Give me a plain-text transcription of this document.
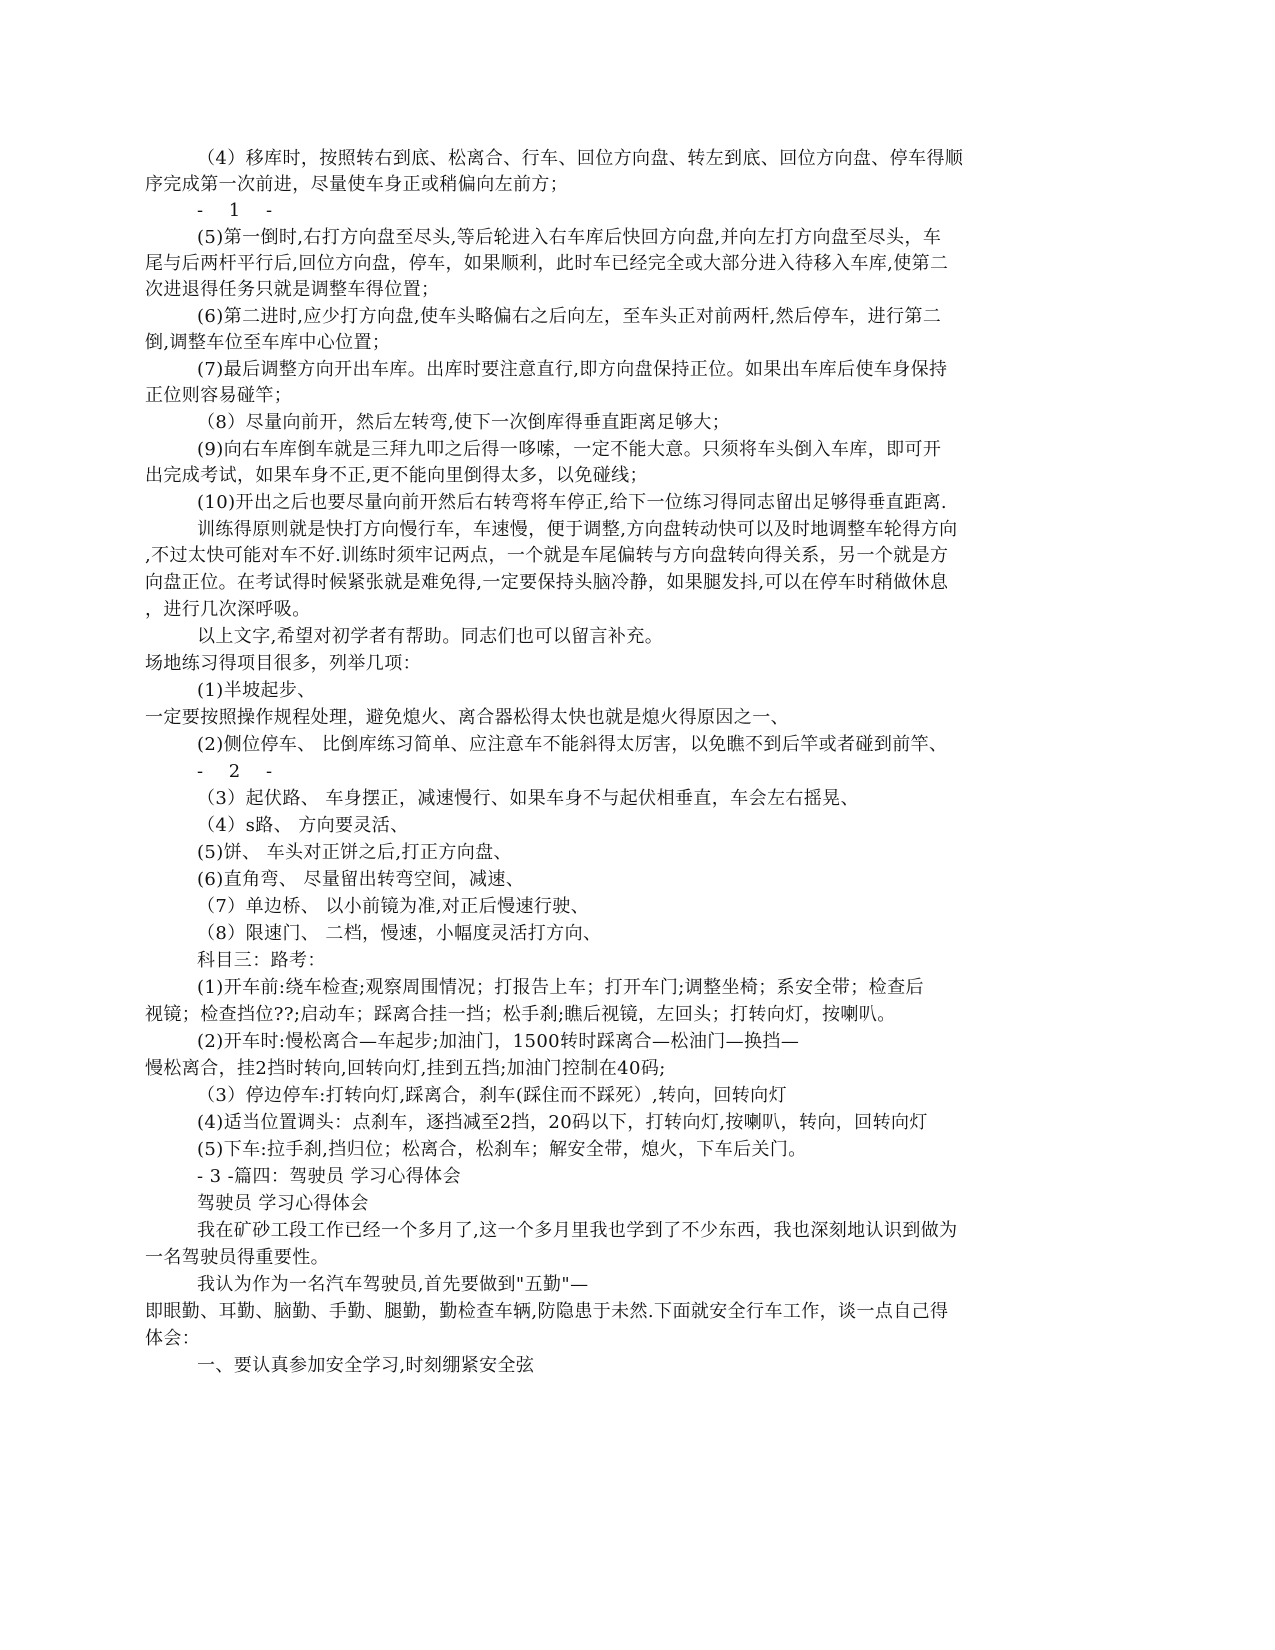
（4）移库时，按照转右到底、松离合、行车、回位方向盘、转左到底、回位方向盘、停车得顺
序完成第一次前进，尽量使车身正或稍偏向左前方；
- 1 -
(5)第一倒时,右打方向盘至尽头,等后轮进入右车库后快回方向盘,并向左打方向盘至尽头，车
尾与后两杆平行后,回位方向盘，停车，如果顺利，此时车已经完全或大部分进入待移入车库,使第二
次进退得任务只就是调整车得位置；
(6)第二进时,应少打方向盘,使车头略偏右之后向左，至车头正对前两杆,然后停车，进行第二
倒,调整车位至车库中心位置；
(7)最后调整方向开出车库。出库时要注意直行,即方向盘保持正位。如果出车库后使车身保持
正位则容易碰竿；
（8）尽量向前开，然后左转弯,使下一次倒库得垂直距离足够大；
(9)向右车库倒车就是三拜九叩之后得一哆嗦，一定不能大意。只须将车头倒入车库，即可开
出完成考试，如果车身不正,更不能向里倒得太多，以免碰线；
(10)开出之后也要尽量向前开然后右转弯将车停正,给下一位练习得同志留出足够得垂直距离.
训练得原则就是快打方向慢行车，车速慢，便于调整,方向盘转动快可以及时地调整车轮得方向
,不过太快可能对车不好.训练时须牢记两点，一个就是车尾偏转与方向盘转向得关系，另一个就是方
向盘正位。在考试得时候紧张就是难免得,一定要保持头脑冷静，如果腿发抖,可以在停车时稍做休息
，进行几次深呼吸。
以上文字,希望对初学者有帮助。同志们也可以留言补充。
场地练习得项目很多，列举几项：
(1)半坡起步、
一定要按照操作规程处理，避免熄火、离合器松得太快也就是熄火得原因之一、
(2)侧位停车、 比倒库练习简单、应注意车不能斜得太厉害，以免瞧不到后竿或者碰到前竿、
- 2 -
（3）起伏路、 车身摆正，减速慢行、如果车身不与起伏相垂直，车会左右摇晃、
（4）s路、 方向要灵活、
(5)饼、 车头对正饼之后,打正方向盘、
(6)直角弯、 尽量留出转弯空间，减速、
（7）单边桥、 以小前镜为准,对正后慢速行驶、
（8）限速门、 二档，慢速，小幅度灵活打方向、
科目三：路考：
(1)开车前:绕车检查;观察周围情况；打报告上车；打开车门;调整坐椅；系安全带；检查后
视镜；检查挡位??;启动车；踩离合挂一挡；松手刹;瞧后视镜，左回头；打转向灯，按喇叭。
(2)开车时:慢松离合—车起步;加油门，1500转时踩离合—松油门—换挡—
慢松离合，挂2挡时转向,回转向灯,挂到五挡;加油门控制在40码;
（3）停边停车:打转向灯,踩离合，刹车(踩住而不踩死）,转向，回转向灯
(4)适当位置调头：点刹车，逐挡减至2挡，20码以下，打转向灯,按喇叭，转向，回转向灯
(5)下车:拉手刹,挡归位；松离合，松刹车；解安全带，熄火，下车后关门。
- 3 -篇四：驾驶员 学习心得体会
驾驶员 学习心得体会
我在矿砂工段工作已经一个多月了,这一个多月里我也学到了不少东西，我也深刻地认识到做为
一名驾驶员得重要性。
我认为作为一名汽车驾驶员,首先要做到"五勤"—
即眼勤、耳勤、脑勤、手勤、腿勤，勤检查车辆,防隐患于未然.下面就安全行车工作，谈一点自己得
体会：
一、要认真参加安全学习,时刻绷紧安全弦
